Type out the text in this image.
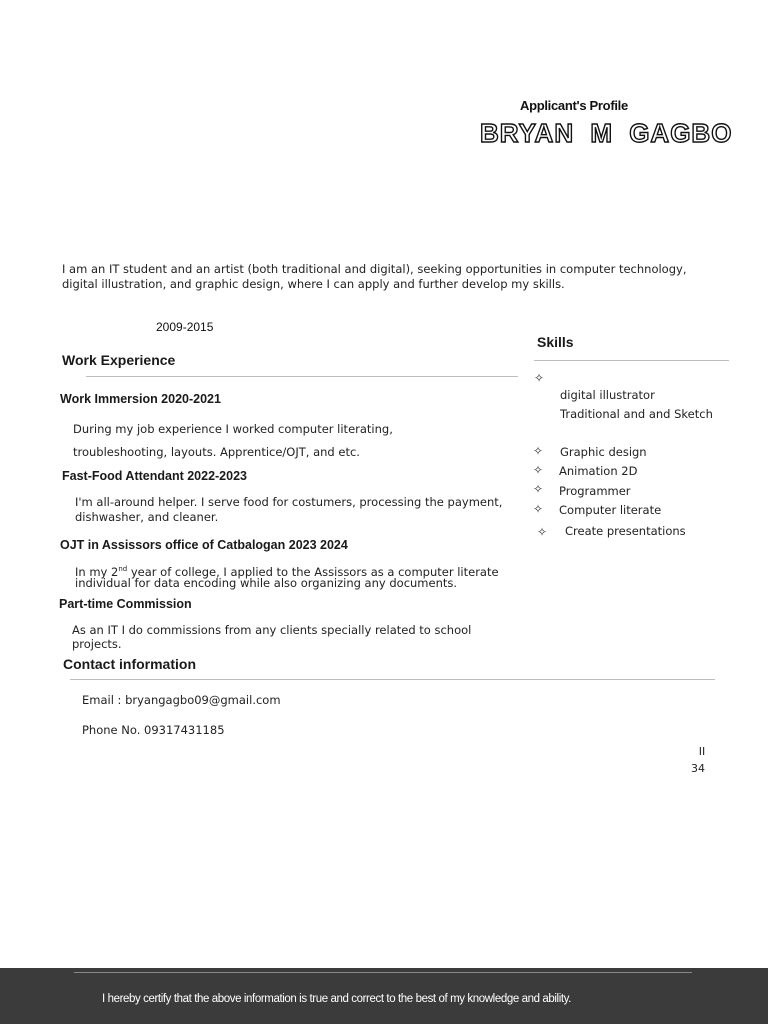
Applicant's Profile
BRYAN M GAGBO
I am an IT student and an artist (both traditional and digital), seeking opportunities in computer technology, digital illustration, and graphic design, where I can apply and further develop my skills.
2009-2015
Work Experience
Work Immersion 2020-2021
During my job experience I worked computer literating,
troubleshooting, layouts. Apprentice/OJT, and etc.
Fast-Food Attendant 2022-2023
I'm all-around helper. I serve food for costumers, processing the payment,
dishwasher, and cleaner.
OJT in Assissors office of Catbalogan 2023 2024
In my 2nd year of college, I applied to the Assissors as a computer literate
individual for data encoding while also organizing any documents.
Part-time Commission
As an IT I do commissions from any clients specially related to school
projects.
Skills
✧
digital illustrator
Traditional and and Sketch
✧ Graphic design
✧ Animation 2D
✧ Programmer
✧ Computer literate
✧ Create presentations
Contact information
Email : bryangagbo09@gmail.com
Phone No. 09317431185
II
34
I hereby certify that the above information is true and correct to the best of my knowledge and ability.
